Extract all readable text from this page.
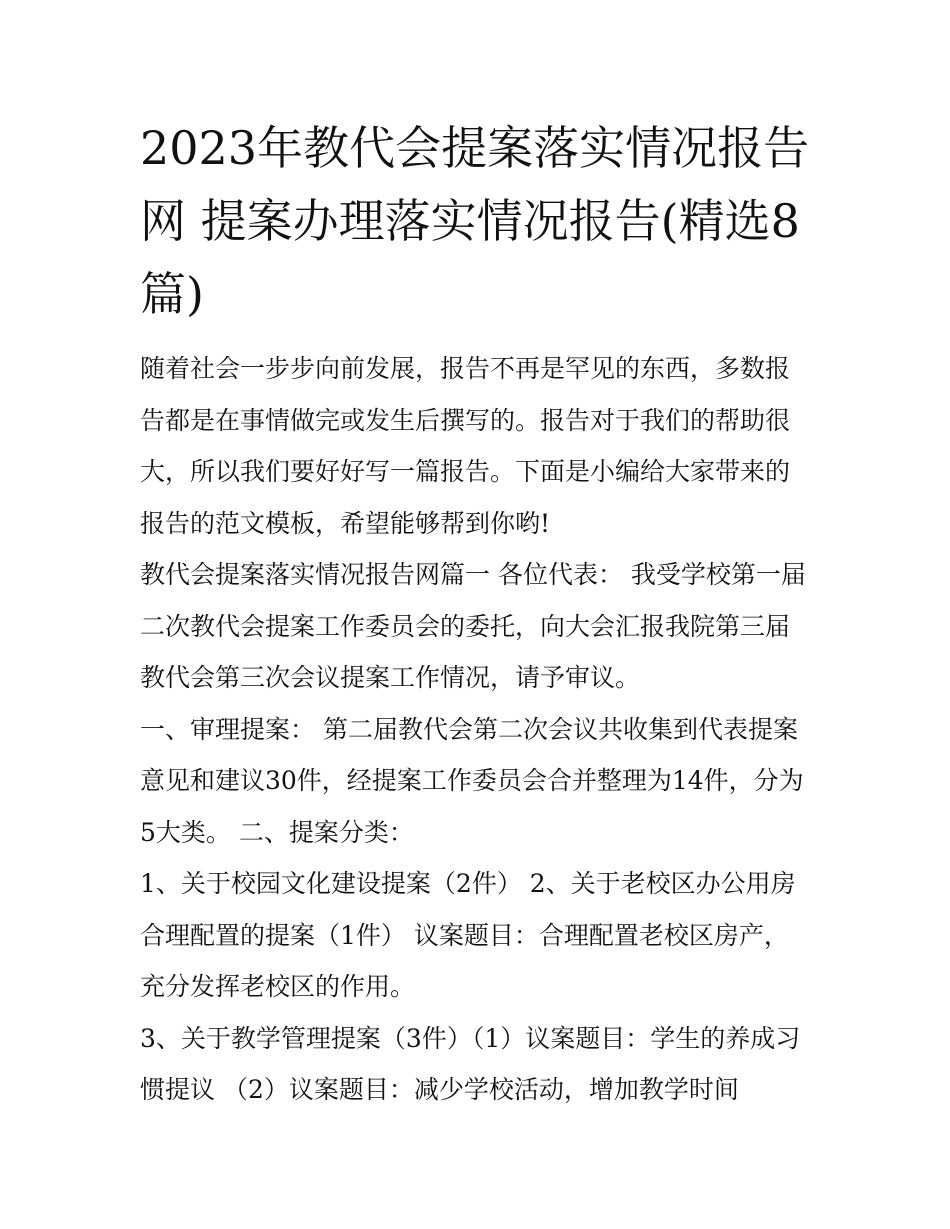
2023年教代会提案落实情况报告网 提案办理落实情况报告(精选8篇)

随着社会一步步向前发展，报告不再是罕见的东西，多数报告都是在事情做完或发生后撰写的。报告对于我们的帮助很大，所以我们要好好写一篇报告。下面是小编给大家带来的报告的范文模板，希望能够帮到你哟!

教代会提案落实情况报告网篇一 各位代表： 我受学校第一届二次教代会提案工作委员会的委托，向大会汇报我院第三届教代会第三次会议提案工作情况，请予审议。

一、审理提案： 第二届教代会第二次会议共收集到代表提案意见和建议30件，经提案工作委员会合并整理为14件，分为5大类。 二、提案分类：

1、关于校园文化建设提案（2件） 2、关于老校区办公用房合理配置的提案（1件） 议案题目：合理配置老校区房产，充分发挥老校区的作用。

3、关于教学管理提案（3件）（1）议案题目：学生的养成习惯提议 （2）议案题目：减少学校活动，增加教学时间
